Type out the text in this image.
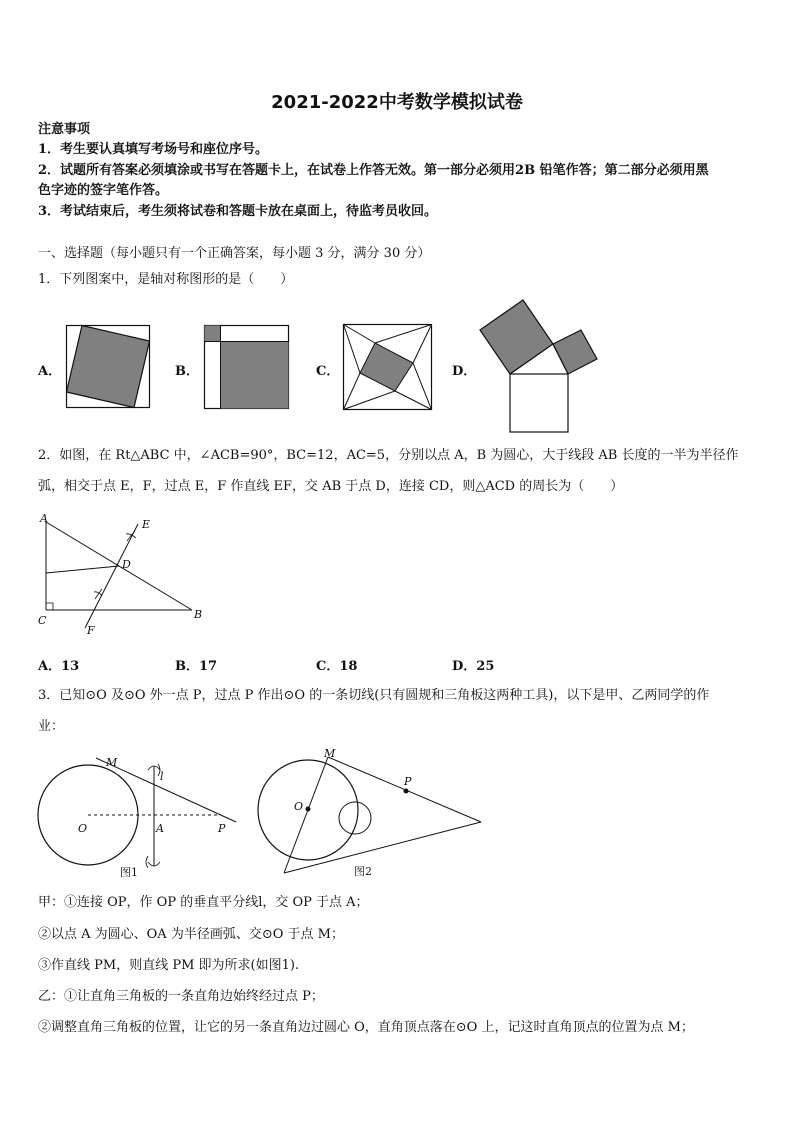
2021-2022中考数学模拟试卷
注意事项
1．考生要认真填写考场号和座位序号。
2．试题所有答案必须填涂或书写在答题卡上，在试卷上作答无效。第一部分必须用2B 铅笔作答；第二部分必须用黑
色字迹的签字笔作答。
3．考试结束后，考生须将试卷和答题卡放在桌面上，待监考员收回。
一、选择题（每小题只有一个正确答案，每小题 3 分，满分 30 分）
1．下列图案中，是轴对称图形的是（　　）
A．	B．	C．	D．
2．如图，在 Rt△ABC 中，∠ACB=90°，BC=12，AC=5，分别以点 A，B 为圆心，大于线段 AB 长度的一半为半径作
弧，相交于点 E，F，过点 E，F 作直线 EF，交 AB 于点 D，连接 CD，则△ACD 的周长为（　　）
A
C	B
D
E
F
A．13	B．17	C．18	D．25
3．已知⊙O 及⊙O 外一点 P，过点 P 作出⊙O 的一条切线(只有圆规和三角板这两种工具)，以下是甲、乙两同学的作
业：
M
O	A	P
l
图1
M
O
P
图2
甲：①连接 OP，作 OP 的垂直平分线l，交 OP 于点 A；
②以点 A 为圆心、OA 为半径画弧、交⊙O 于点 M；
③作直线 PM，则直线 PM 即为所求(如图1).
乙：①让直角三角板的一条直角边始终经过点 P；
②调整直角三角板的位置，让它的另一条直角边过圆心 O，直角顶点落在⊙O 上，记这时直角顶点的位置为点 M；
